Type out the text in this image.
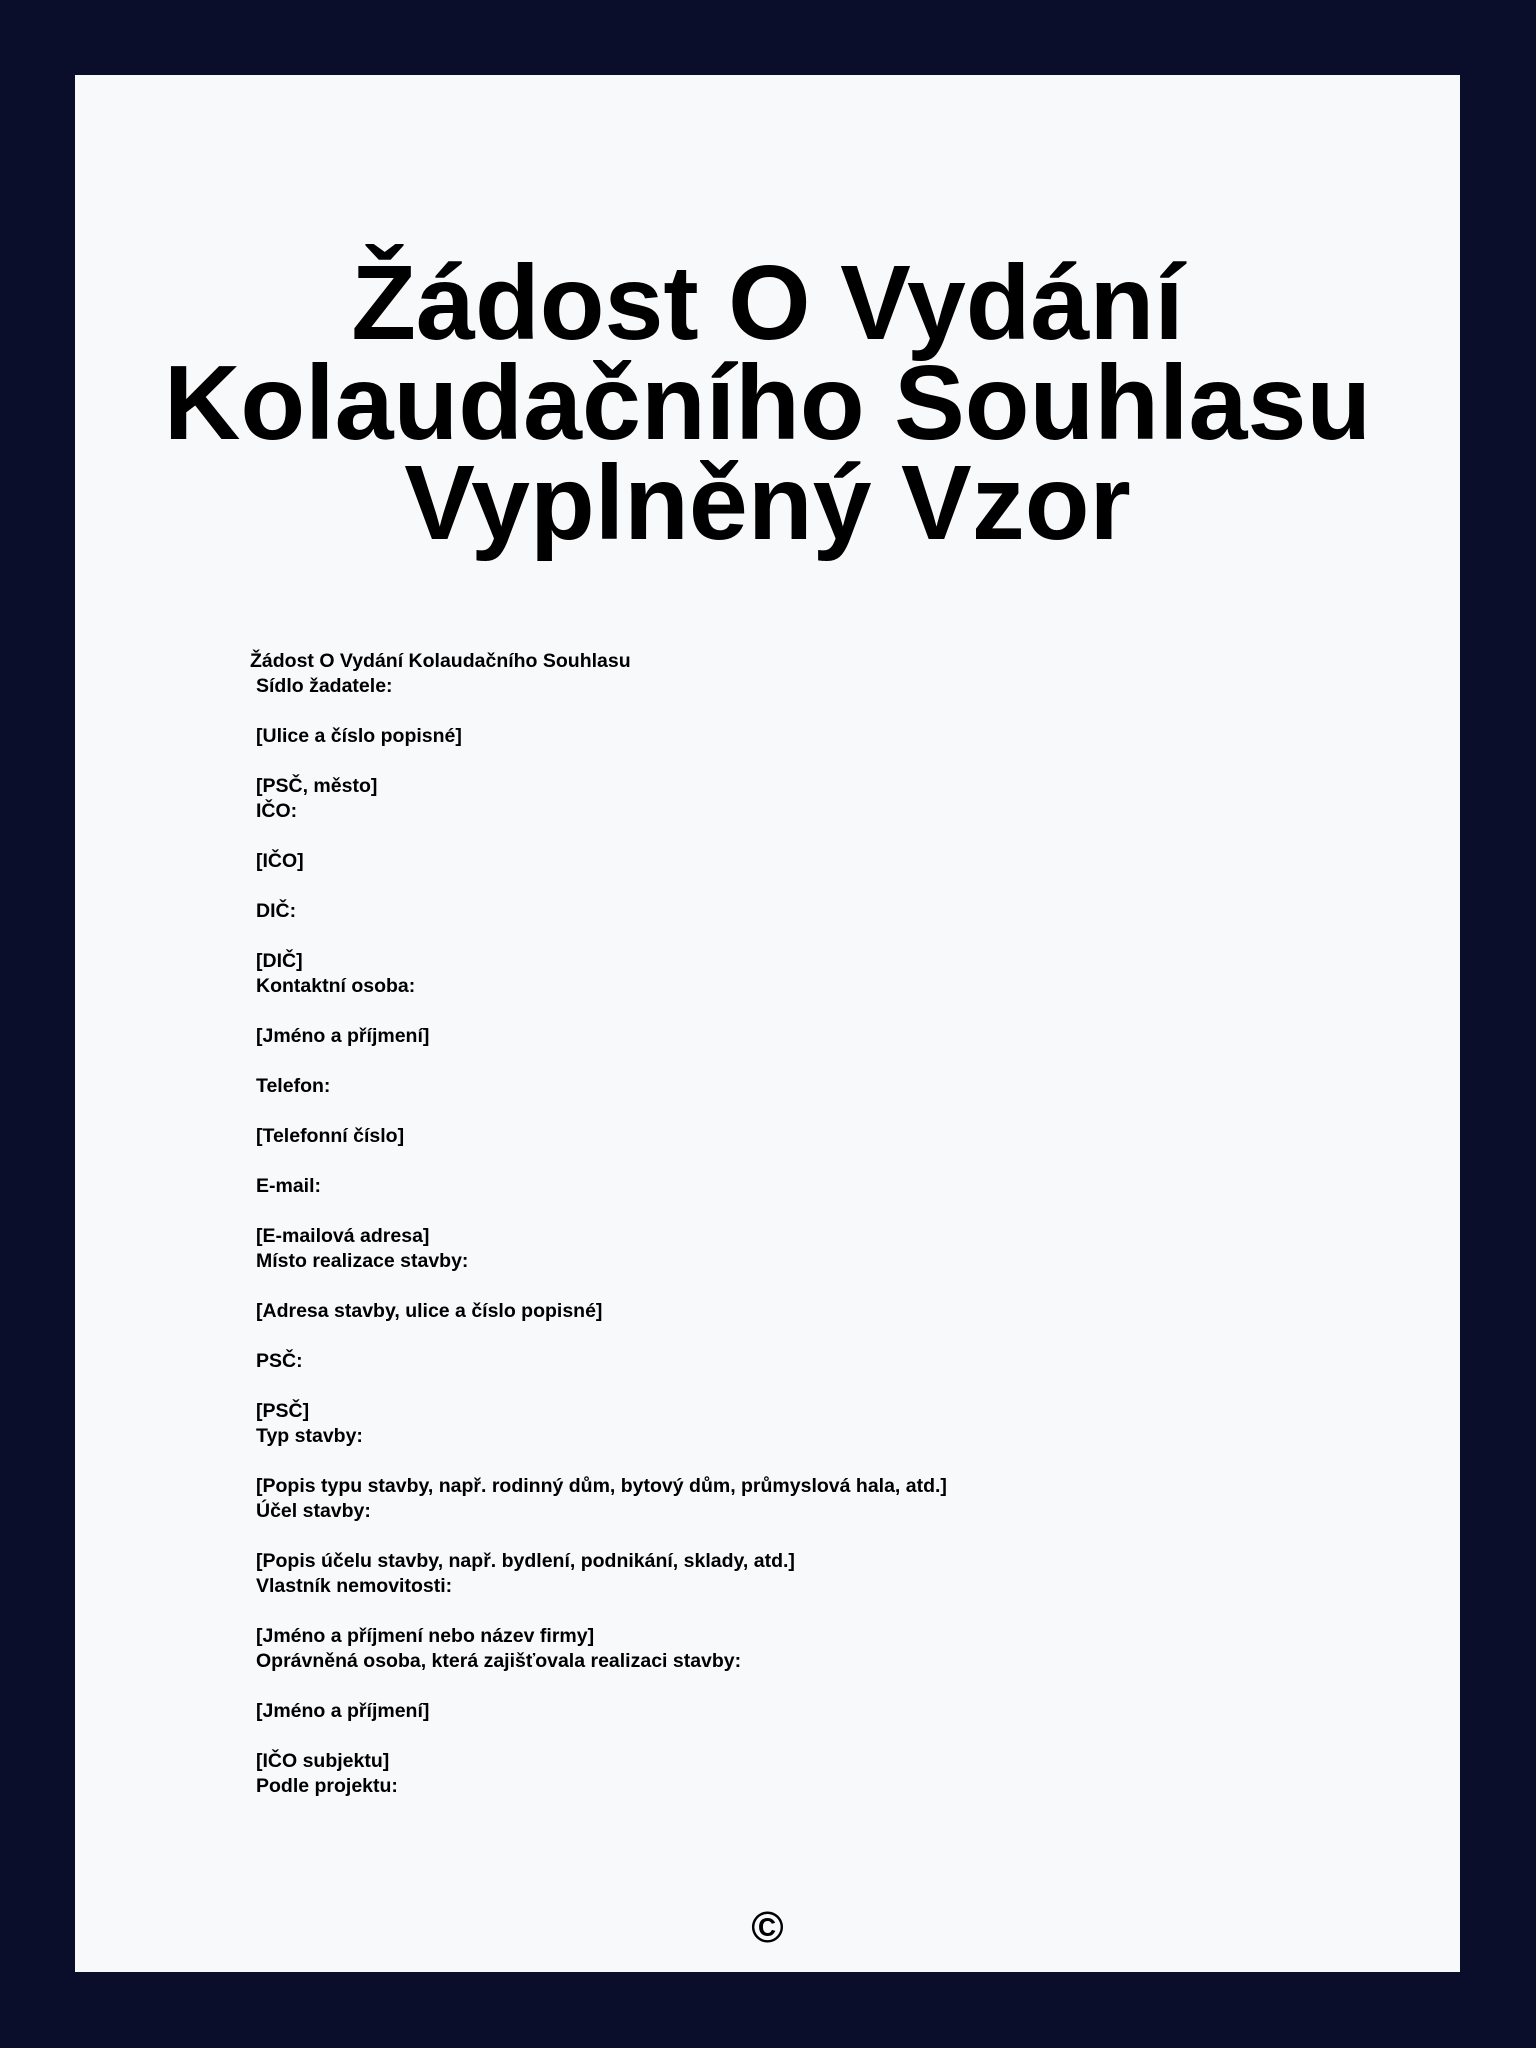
Žádost O Vydání
Kolaudačního Souhlasu
Vyplněný Vzor
Žádost O Vydání Kolaudačního Souhlasu
Sídlo žadatele:
[Ulice a číslo popisné]
[PSČ, město]
IČO:
[IČO]
DIČ:
[DIČ]
Kontaktní osoba:
[Jméno a příjmení]
Telefon:
[Telefonní číslo]
E-mail:
[E-mailová adresa]
Místo realizace stavby:
[Adresa stavby, ulice a číslo popisné]
PSČ:
[PSČ]
Typ stavby:
[Popis typu stavby, např. rodinný dům, bytový dům, průmyslová hala, atd.]
Účel stavby:
[Popis účelu stavby, např. bydlení, podnikání, sklady, atd.]
Vlastník nemovitosti:
[Jméno a příjmení nebo název firmy]
Oprávněná osoba, která zajišťovala realizaci stavby:
[Jméno a příjmení]
[IČO subjektu]
Podle projektu:
©
